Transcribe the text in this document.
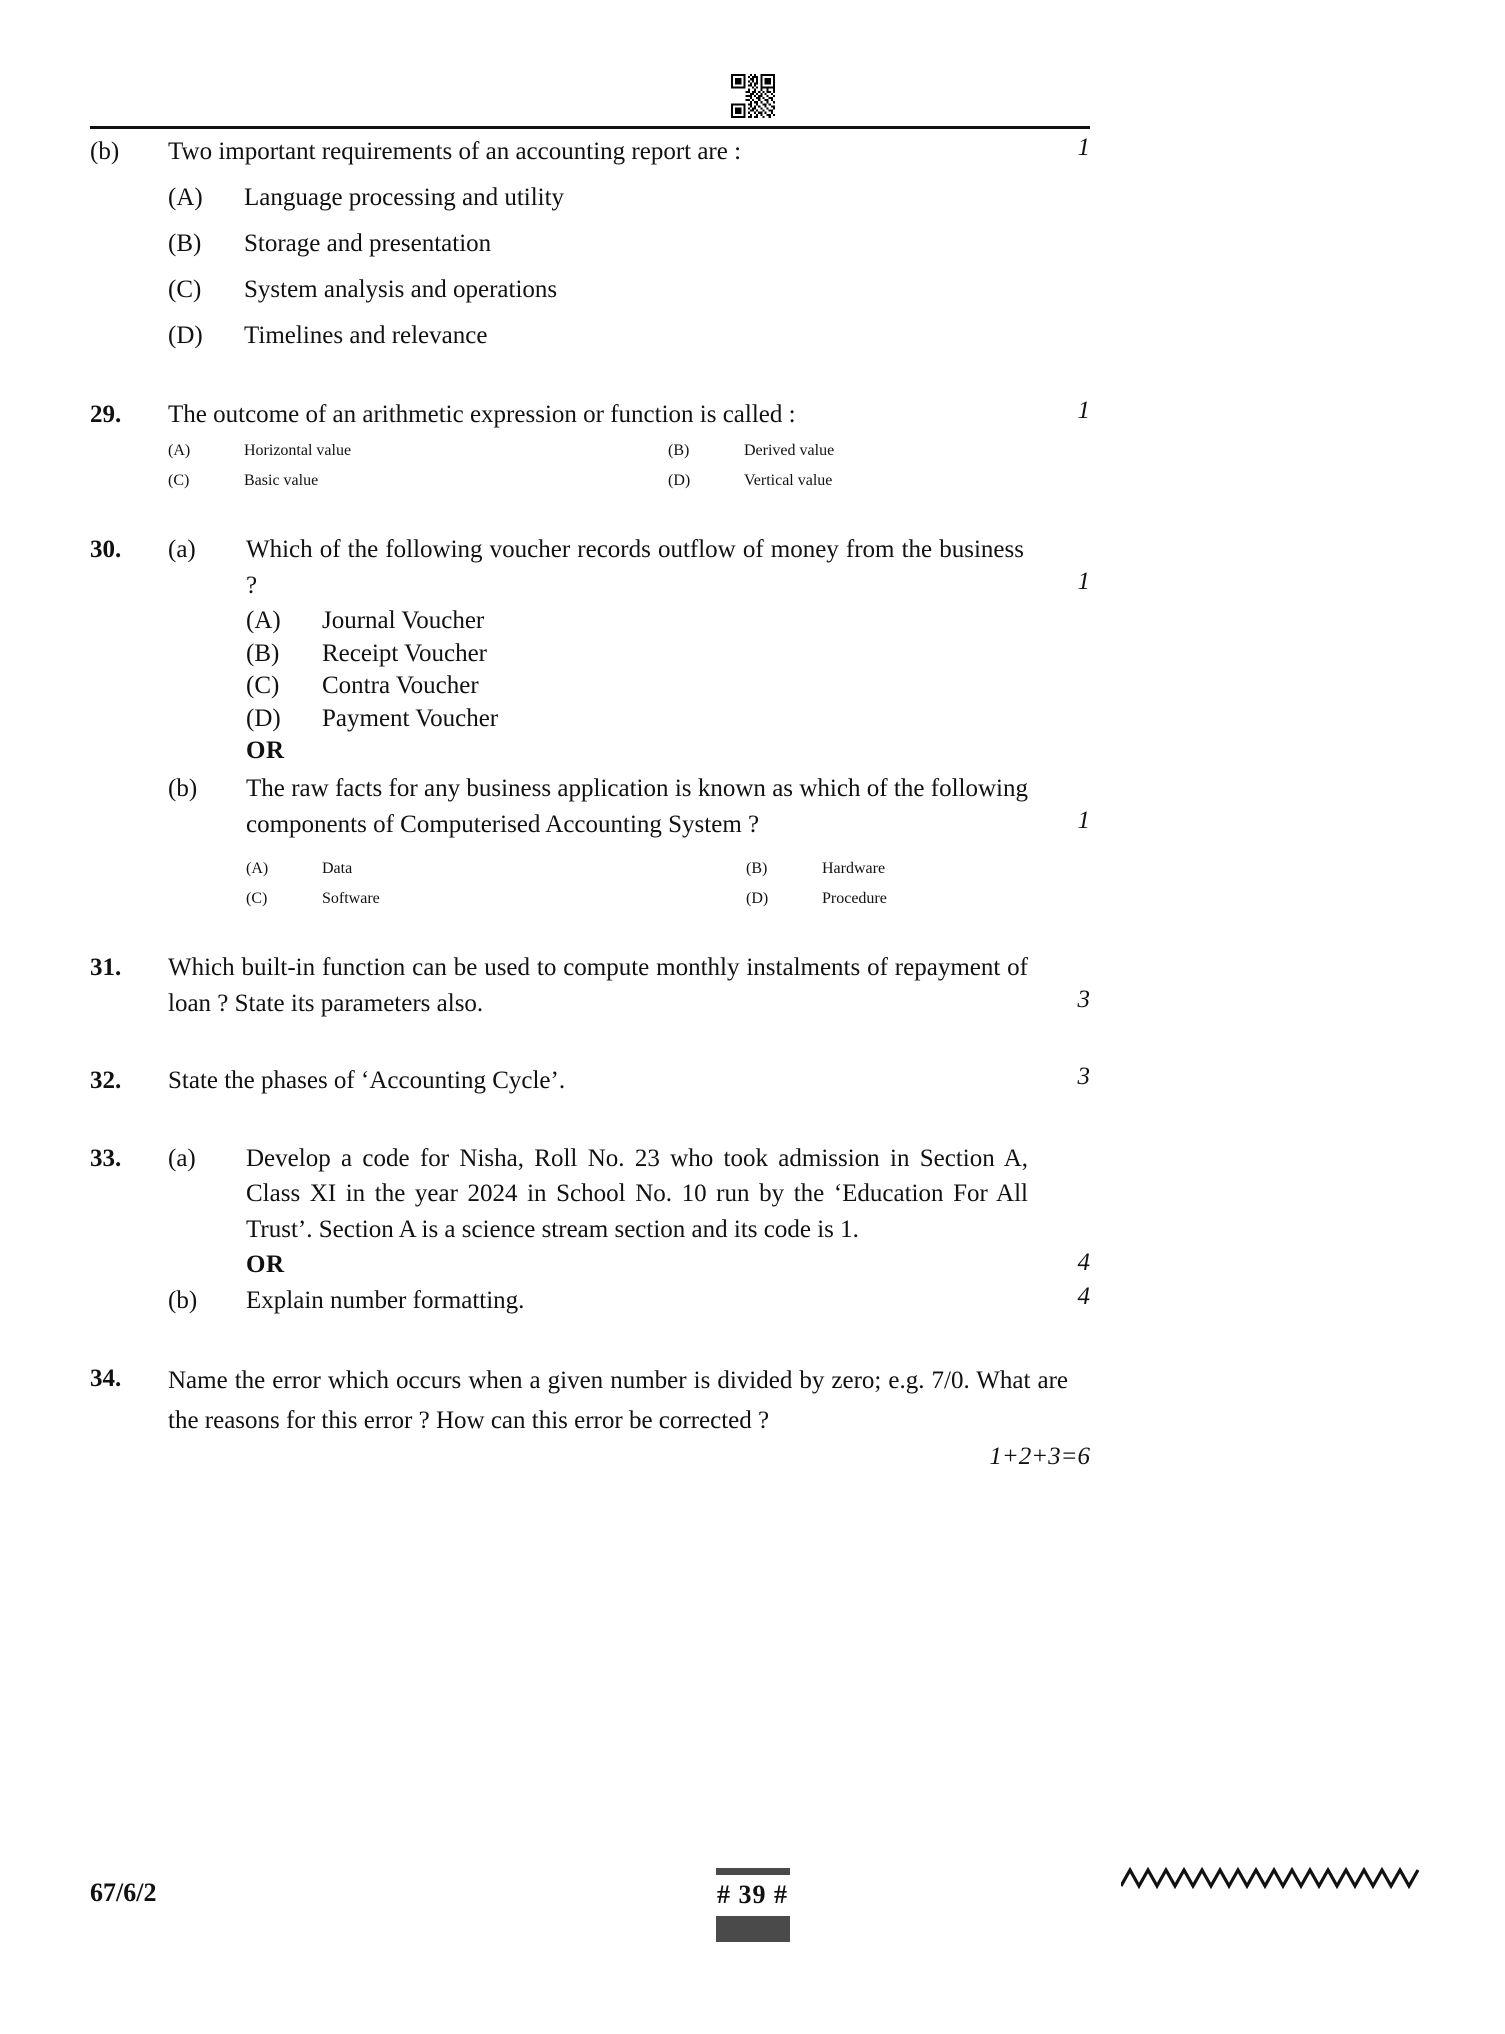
(b)	Two important requirements of an accounting report are :	1
(A)	Language processing and utility
(B)	Storage and presentation
(C)	System analysis and operations
(D)	Timelines and relevance
29.	The outcome of an arithmetic expression or function is called :	1
(A)	Horizontal value	(B)	Derived value
(C)	Basic value	(D)	Vertical value
30.	(a)	Which of the following voucher records outflow of money from the business ?	1
(A)	Journal Voucher
(B)	Receipt Voucher
(C)	Contra Voucher
(D)	Payment Voucher
OR
(b)	The raw facts for any business application is known as which of the following components of Computerised Accounting System ?	1
(A)	Data	(B)	Hardware
(C)	Software	(D)	Procedure
31.	Which built-in function can be used to compute monthly instalments of repayment of loan ? State its parameters also.	3
32.	State the phases of ‘Accounting Cycle’.	3
33.	(a)	Develop a code for Nisha, Roll No. 23 who took admission in Section A, Class XI in the year 2024 in School No. 10 run by the ‘Education For All Trust’. Section A is a science stream section and its code is 1.
4
OR
(b)	Explain number formatting.	4
34.	Name the error which occurs when a given number is divided by zero; e.g. 7/0. What are the reasons for this error ? How can this error be corrected ?
1+2+3=6
67/6/2	# 39 #
